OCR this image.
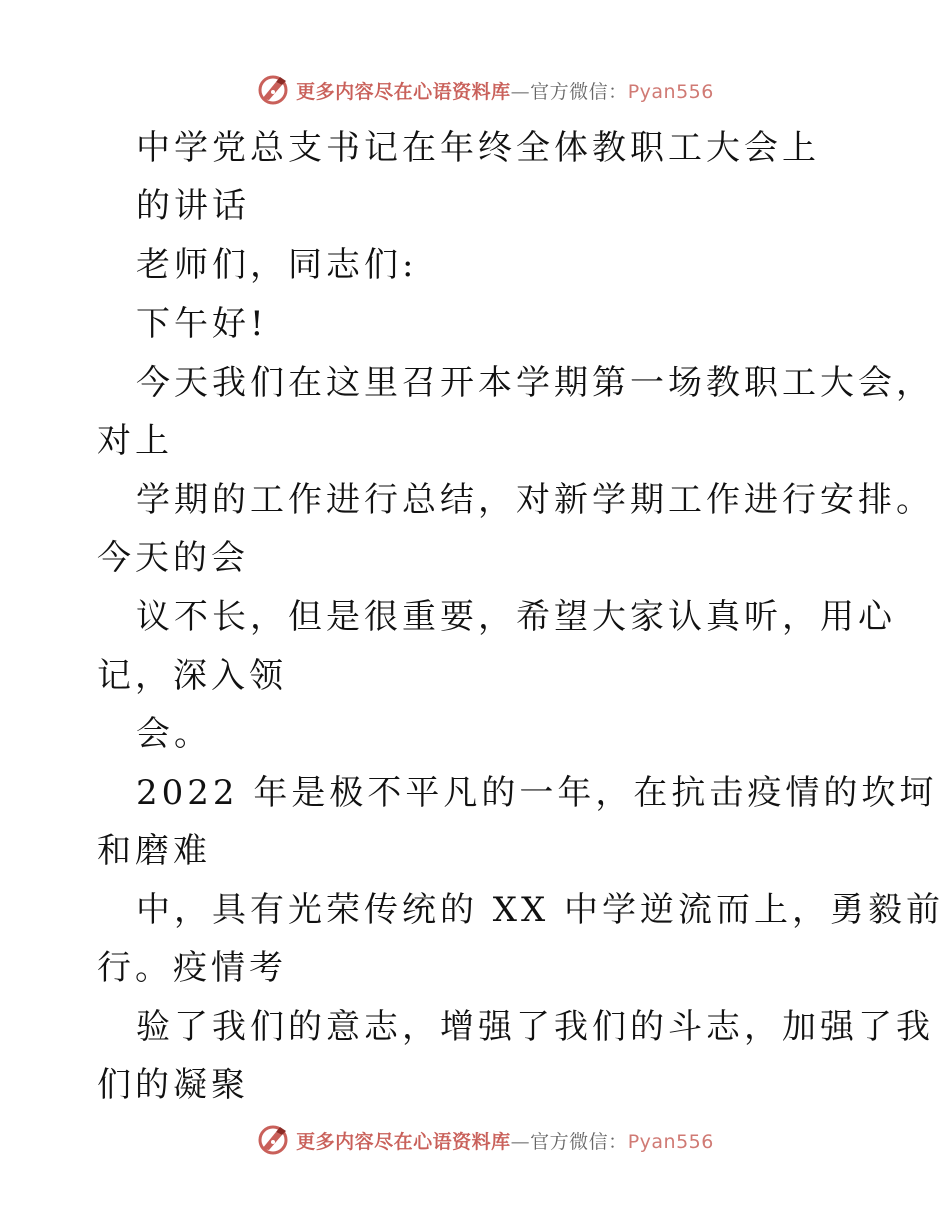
更多内容尽在心语资料库—官方微信：Pyan556
中学党总支书记在年终全体教职工大会上
的讲话
老师们，同志们:
下午好!
今天我们在这里召开本学期第一场教职工大会，
对上
学期的工作进行总结，对新学期工作进行安排。
今天的会
议不长，但是很重要，希望大家认真听，用心
记，深入领
会。
2022 年是极不平凡的一年，在抗击疫情的坎坷
和磨难
中，具有光荣传统的 XX 中学逆流而上，勇毅前
行。疫情考
验了我们的意志，增强了我们的斗志，加强了我
们的凝聚
更多内容尽在心语资料库—官方微信：Pyan556
